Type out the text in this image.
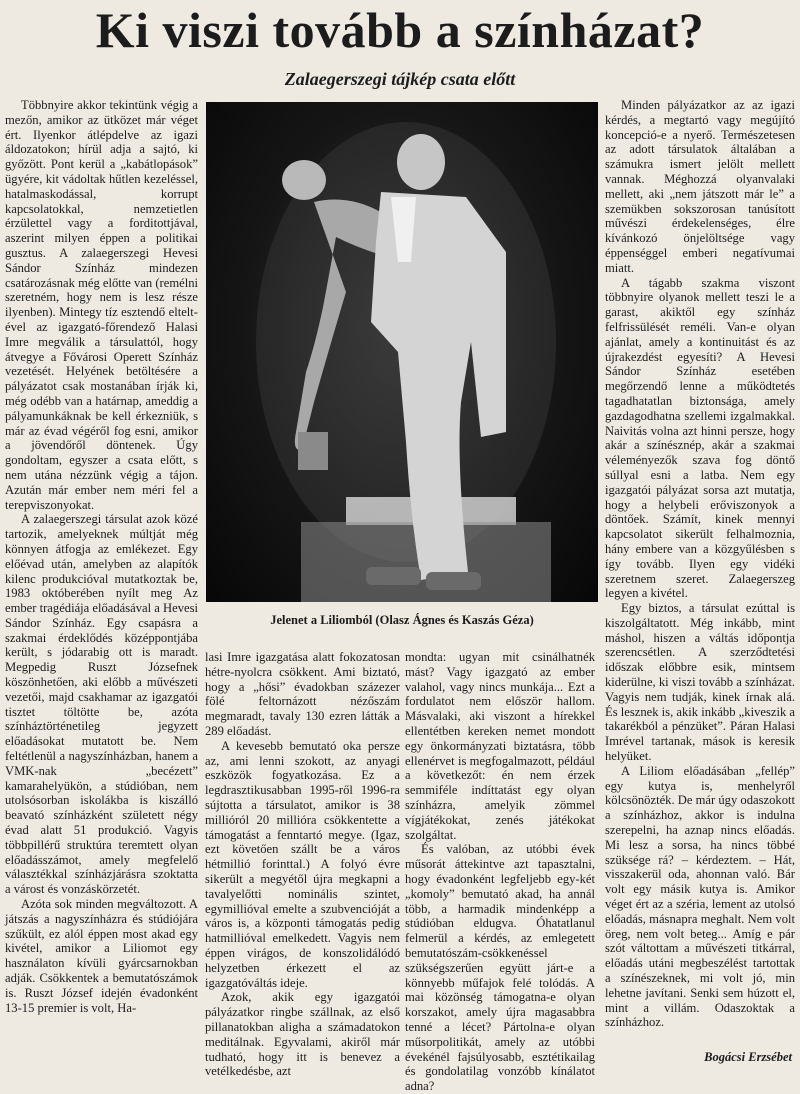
Ki viszi tovább a színházat?
Zalaegerszegi tájkép csata előtt

Többnyire akkor tekintünk végig a mezőn, amikor az ütközet már véget ért. Ilyenkor átlépdelve az igazi áldozatokon; hírül adja a sajtó, ki győzött. Pont kerül a „kabátlopások” ügyére, kit vádoltak hűtlen kezeléssel, hatalmaskodással, korrupt kapcsolatokkal, nemzetietlen érzülettel vagy a forditottjával, aszerint milyen éppen a politikai gusztus. A zalaegerszegi Hevesi Sándor Színház mindezen csatározásnak még előtte van (remélni szeretném, hogy nem is lesz része ilyenben). Mintegy tíz esztendő elteltével az igazgató-főrendező Halasi Imre megválik a társulattól, hogy átvegye a Fővárosi Operett Színház vezetését. Helyének betöltésére a pályázatot csak mostanában írják ki, még odébb van a határnap, ameddig a pályamunkáknak be kell érkezniük, s már az évad végéről fog esni, amikor a jövendőről döntenek. Úgy gondoltam, egyszer a csata előtt, s nem utána nézzünk végig a tájon. Azután már ember nem méri fel a terepviszonyokat.

A zalaegerszegi társulat azok közé tartozik, amelyeknek múltját még könnyen átfogja az emlékezet. Egy előévad után, amelyben az alapítók kilenc produkcióval mutatkoztak be, 1983 októberében nyílt meg Az ember tragédiája előadásával a Hevesi Sándor Színház. Egy csapásra a szakmai érdeklődés középpontjába került, s jódarabig ott is maradt. Megpedig Ruszt Józsefnek köszönhetően, aki előbb a művészeti vezetői, majd csakhamar az igazgatói tisztet töltötte be, azóta színháztörténetileg jegyzett előadásokat mutatott be. Nem feltétlenül a nagyszínházban, hanem a VMK-nak „becézett” kamarahelyükön, a stúdióban, nem utolsósorban iskolákba is kiszálló beavató színházként született négy évad alatt 51 produkció. Vagyis többpillérű struktúra teremtett olyan előadásszámot, amely megfelelő választékkal színházjárásra szoktatta a várost és vonzáskörzetét.

Azóta sok minden megváltozott. A játszás a nagyszínházra és stúdiójára szűkült, ez alól éppen most akad egy kivétel, amikor a Liliomot egy használaton kívüli gyárcsarnokban adják. Csökkentek a bemutatószámok is. Ruszt József idején évadonként 13-15 premier is volt, Ha-

Jelenet a Liliomból (Olasz Ágnes és Kaszás Géza)

lasi Imre igazgatása alatt fokozatosan hétre-nyolcra csökkent. Ami biztató, hogy a „hősi” évadokban százezer fölé feltornázott nézőszám megmaradt, tavaly 130 ezren látták a 289 előadást.

A kevesebb bemutató oka persze az, ami lenni szokott, az anyagi eszközök fogyatkozása. Ez a legdrasztikusabban 1995-ről 1996-ra sújtotta a társulatot, amikor is 38 millióról 20 millióra csökkentette a támogatást a fenntartó megye. (Igaz, ezt követően szállt be a város hétmillió forinttal.) A folyó évre sikerült a megyétől újra megkapni a tavalyelőtti nominális szintet, egymillióval emelte a szubvencióját a város is, a központi támogatás pedig hatmillióval emelkedett. Vagyis nem éppen virágos, de konszolidálódó helyzetben érkezett el az igazgatóváltás ideje.

Azok, akik egy igazgatói pályázatkor ringbe szállnak, az első pillanatokban aligha a számadatokon meditálnak. Egyvalami, akiről már tudható, hogy itt is benevez a vetélkedésbe, azt

mondta: ugyan mit csinálhatnék mást? Vagy igazgató az ember valahol, vagy nincs munkája... Ezt a fordulatot nem először hallom. Másvalaki, aki viszont a hírekkel ellentétben kereken nemet mondott egy önkormányzati biztatásra, több ellenérvet is megfogalmazott, például a következőt: én nem érzek semmiféle indíttatást egy olyan színházra, amelyik zömmel vígjátékokat, zenés játékokat szolgáltat.

És valóban, az utóbbi évek műsorát áttekintve azt tapasztalni, hogy évadonként legfeljebb egy-két „komoly” bemutató akad, ha annál több, a harmadik mindenképp a stúdióban eldugva. Óhatatlanul felmerül a kérdés, az emlegetett bemutatószám-csökkenéssel szükségszerűen együtt járt-e a könnyebb műfajok felé tolódás. A mai közönség támogatna-e olyan korszakot, amely újra magasabbra tenné a lécet? Pártolna-e olyan műsorpolitikát, amely az utóbbi évekénél fajsúlyosabb, esztétikailag és gondolatilag vonzóbb kínálatot adna?

Minden pályázatkor az az igazi kérdés, a megtartó vagy megújító koncepció-e a nyerő. Természetesen az adott társulatok általában a számukra ismert jelölt mellett vannak. Méghozzá olyanvalaki mellett, aki „nem játszott már le” a szemükben sokszorosan tanúsított művészi érdekelenséges, élre kívánkozó önjelöltsége vagy éppenséggel emberi negatívumai miatt.

A tágabb szakma viszont többnyire olyanok mellett teszi le a garast, akiktől egy színház felfrissülését reméli. Van-e olyan ajánlat, amely a kontinuitást és az újrakezdést egyesíti? A Hevesi Sándor Színház esetében megőrzendő lenne a működtetés tagadhatatlan biztonsága, amely gazdagodhatna szellemi izgalmakkal. Naivitás volna azt hinni persze, hogy akár a színésznép, akár a szakmai véleményezők szava fog döntő súllyal esni a latba. Nem egy igazgatói pályázat sorsa azt mutatja, hogy a helybeli erőviszonyok a döntőek. Számít, kinek mennyi kapcsolatot sikerült felhalmoznia, hány embere van a közgyűlésben s így tovább. Ilyen egy vidéki szeretnem szeret. Zalaegerszeg legyen a kivétel.

Egy biztos, a társulat ezúttal is kiszolgáltatott. Még inkább, mint máshol, hiszen a váltás időpontja szerencsétlen. A szerződtetési időszak előbbre esik, mintsem kiderülne, ki viszi tovább a színházat. Vagyis nem tudják, kinek írnak alá. És lesznek is, akik inkább „kiveszik a takarékból a pénzüket”. Páran Halasi Imrével tartanak, mások is keresik helyüket.

A Liliom előadásában „fellép” egy kutya is, menhelyről kölcsönözték. De már úgy odaszokott a színházhoz, akkor is indulna szerepelni, ha aznap nincs előadás. Mi lesz a sorsa, ha nincs többé szüksége rá? – kérdeztem. – Hát, visszakerül oda, ahonnan való. Bár volt egy másik kutya is. Amikor véget ért az a széria, lement az utolsó előadás, másnapra meghalt. Nem volt öreg, nem volt beteg... Amíg e pár szót váltottam a művészeti titkárral, előadás utáni megbeszélést tartottak a színészeknek, mi volt jó, min lehetne javítani. Senki sem húzott el, mint a villám. Odaszoktak a színházhoz.

Bogácsi Erzsébet
